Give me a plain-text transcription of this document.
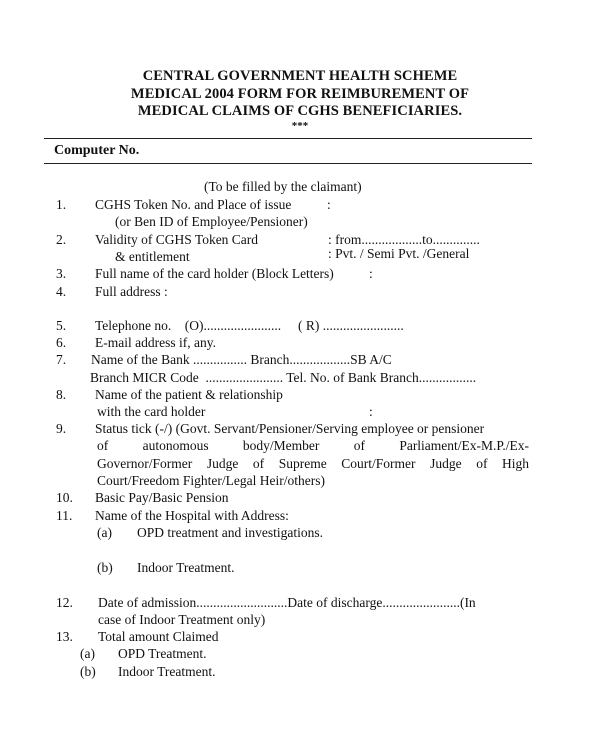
CENTRAL GOVERNMENT HEALTH SCHEME
MEDICAL 2004 FORM FOR REIMBUREMENT OF
MEDICAL CLAIMS OF CGHS BENEFICIARIES.
***
Computer No.
(To be filled by the claimant)
1. CGHS Token No. and Place of issue	:
(or Ben ID of Employee/Pensioner)
2. Validity of CGHS Token Card	: from..................to..............
& entitlement	: Pvt. / Semi Pvt. /General
3. Full name of the card holder (Block Letters)	:
4. Full address :
5. Telephone no.    (O).......................     ( R) ........................
6. E-mail address if, any.
7. Name of the Bank ................ Branch..................SB A/C
Branch MICR Code  ....................... Tel. No. of Bank Branch.................
8. Name of the patient & relationship
with the card holder	:
9. Status tick (-/) (Govt. Servant/Pensioner/Serving employee or pensioner
of	autonomous	body/Member	of	Parliament/Ex-M.P./Ex-
Governor/Former Judge of Supreme Court/Former Judge of High
Court/Freedom Fighter/Legal Heir/others)
10. Basic Pay/Basic Pension
11. Name of the Hospital with Address:
(a) OPD treatment and investigations.
(b) Indoor Treatment.
12. Date of admission...........................Date of discharge.......................(In
case of Indoor Treatment only)
13. Total amount Claimed
(a) OPD Treatment.
(b) Indoor Treatment.
